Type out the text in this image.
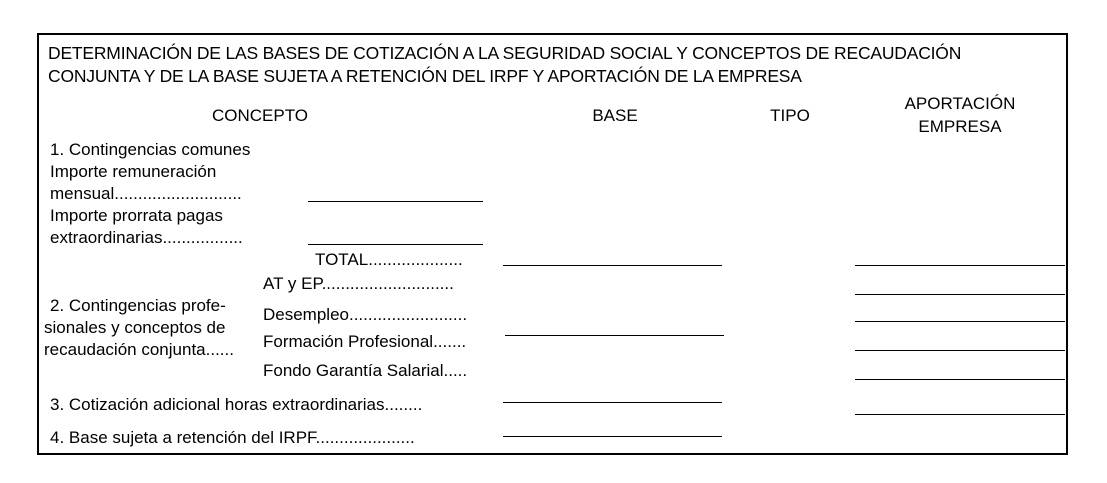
DETERMINACIÓN DE LAS BASES DE COTIZACIÓN A LA SEGURIDAD SOCIAL Y CONCEPTOS DE RECAUDACIÓN
CONJUNTA Y DE LA BASE SUJETA A RETENCIÓN DEL IRPF Y APORTACIÓN DE LA EMPRESA
CONCEPTO	BASE	TIPO
APORTACIÓN
EMPRESA
1. Contingencias comunes
Importe remuneración
mensual...........................
Importe prorrata pagas
extraordinarias.................
TOTAL....................
AT y EP............................
2. Contingencias profe- Desempleo.........................
sionales y conceptos de
Formación Profesional.......
recaudación conjunta......
Fondo Garantía Salarial.....
3. Cotización adicional horas extraordinarias........
4. Base sujeta a retención del IRPF.....................
